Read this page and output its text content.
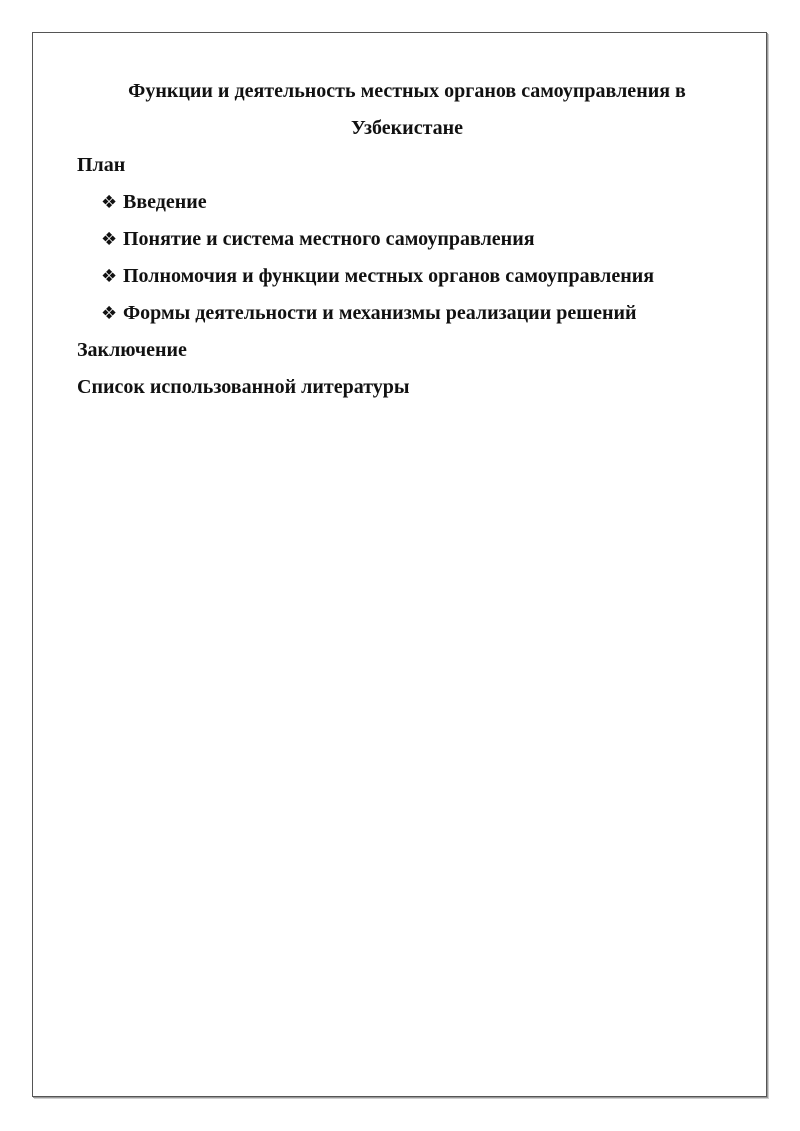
Функции и деятельность местных органов самоуправления в
Узбекистане

План

❖ Введение

❖ Понятие и система местного самоуправления

❖ Полномочия и функции местных органов самоуправления

❖ Формы деятельности и механизмы реализации решений

Заключение

Список использованной литературы
